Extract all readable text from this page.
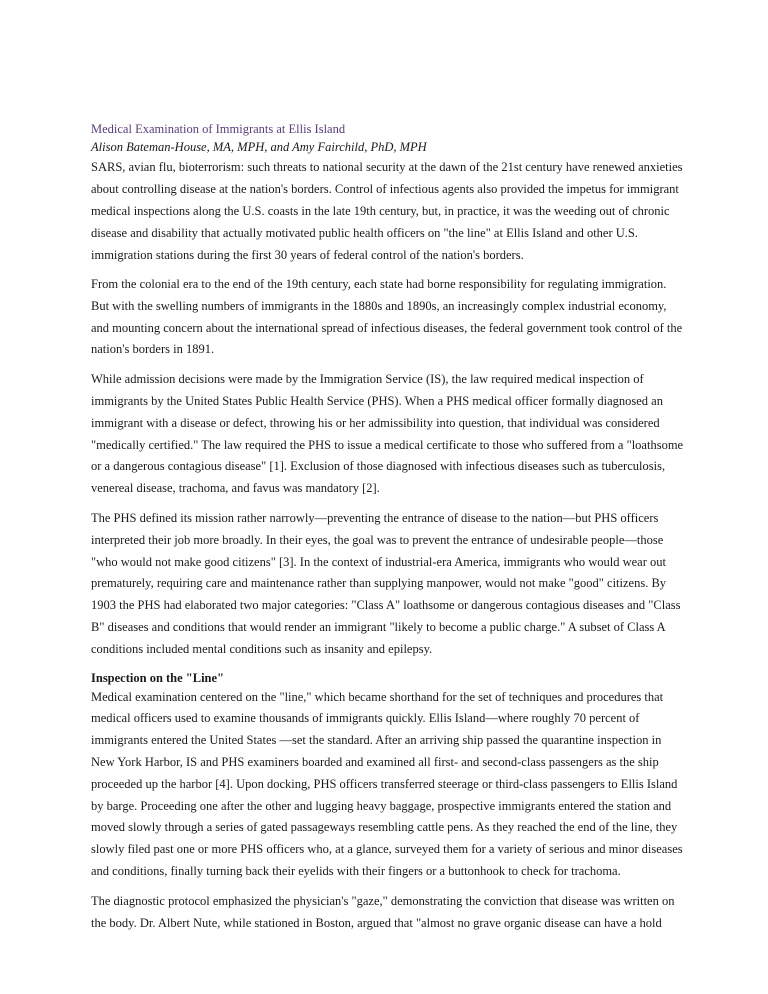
Medical Examination of Immigrants at Ellis Island

Alison Bateman-House, MA, MPH, and Amy Fairchild, PhD, MPH

SARS, avian flu, bioterrorism: such threats to national security at the dawn of the 21st century have renewed anxieties about controlling disease at the nation's borders. Control of infectious agents also provided the impetus for immigrant medical inspections along the U.S. coasts in the late 19th century, but, in practice, it was the weeding out of chronic disease and disability that actually motivated public health officers on "the line" at Ellis Island and other U.S. immigration stations during the first 30 years of federal control of the nation's borders.

From the colonial era to the end of the 19th century, each state had borne responsibility for regulating immigration. But with the swelling numbers of immigrants in the 1880s and 1890s, an increasingly complex industrial economy, and mounting concern about the international spread of infectious diseases, the federal government took control of the nation's borders in 1891.

While admission decisions were made by the Immigration Service (IS), the law required medical inspection of immigrants by the United States Public Health Service (PHS). When a PHS medical officer formally diagnosed an immigrant with a disease or defect, throwing his or her admissibility into question, that individual was considered "medically certified." The law required the PHS to issue a medical certificate to those who suffered from a "loathsome or a dangerous contagious disease" [1]. Exclusion of those diagnosed with infectious diseases such as tuberculosis, venereal disease, trachoma, and favus was mandatory [2].

The PHS defined its mission rather narrowly—preventing the entrance of disease to the nation—but PHS officers interpreted their job more broadly. In their eyes, the goal was to prevent the entrance of undesirable people—those "who would not make good citizens" [3]. In the context of industrial-era America, immigrants who would wear out prematurely, requiring care and maintenance rather than supplying manpower, would not make "good" citizens. By 1903 the PHS had elaborated two major categories: "Class A" loathsome or dangerous contagious diseases and "Class B" diseases and conditions that would render an immigrant "likely to become a public charge." A subset of Class A conditions included mental conditions such as insanity and epilepsy.

Inspection on the "Line"

Medical examination centered on the "line," which became shorthand for the set of techniques and procedures that medical officers used to examine thousands of immigrants quickly. Ellis Island—where roughly 70 percent of immigrants entered the United States —set the standard. After an arriving ship passed the quarantine inspection in New York Harbor, IS and PHS examiners boarded and examined all first- and second-class passengers as the ship proceeded up the harbor [4]. Upon docking, PHS officers transferred steerage or third-class passengers to Ellis Island by barge. Proceeding one after the other and lugging heavy baggage, prospective immigrants entered the station and moved slowly through a series of gated passageways resembling cattle pens. As they reached the end of the line, they slowly filed past one or more PHS officers who, at a glance, surveyed them for a variety of serious and minor diseases and conditions, finally turning back their eyelids with their fingers or a buttonhook to check for trachoma.

The diagnostic protocol emphasized the physician's "gaze," demonstrating the conviction that disease was written on the body. Dr. Albert Nute, while stationed in Boston, argued that "almost no grave organic disease can have a hold
